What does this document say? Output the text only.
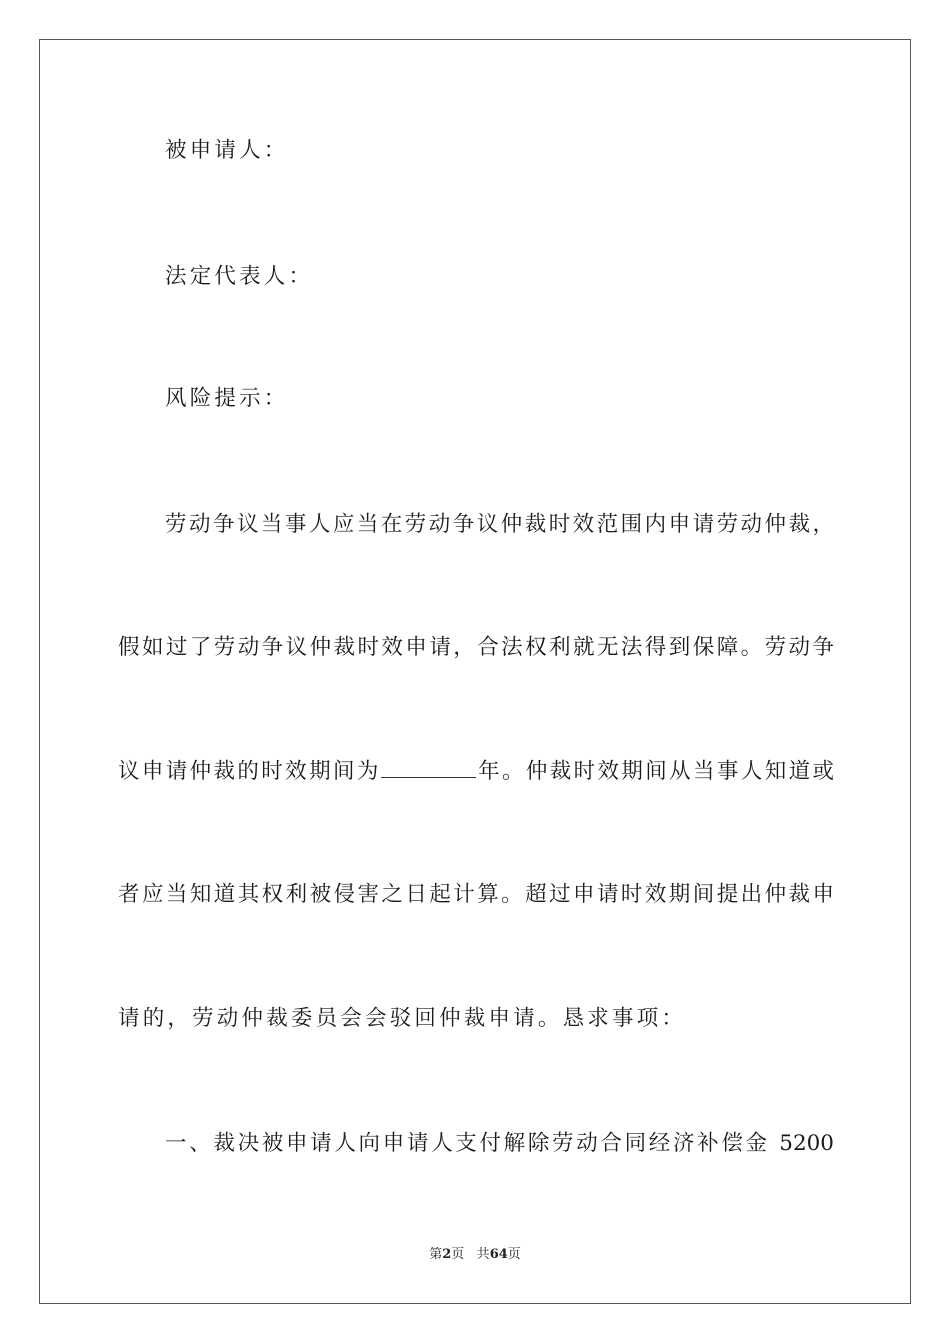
被申请人：
法定代表人：
风险提示：
劳动争议当事人应当在劳动争议仲裁时效范围内申请劳动仲裁，
假如过了劳动争议仲裁时效申请，合法权利就无法得到保障。劳动争
议申请仲裁的时效期间为	年。仲裁时效期间从当事人知道或
者应当知道其权利被侵害之日起计算。超过申请时效期间提出仲裁申
请的，劳动仲裁委员会会驳回仲裁申请。恳求事项：
一、裁决被申请人向申请人支付解除劳动合同经济补偿金 5200
第2页 共64页
